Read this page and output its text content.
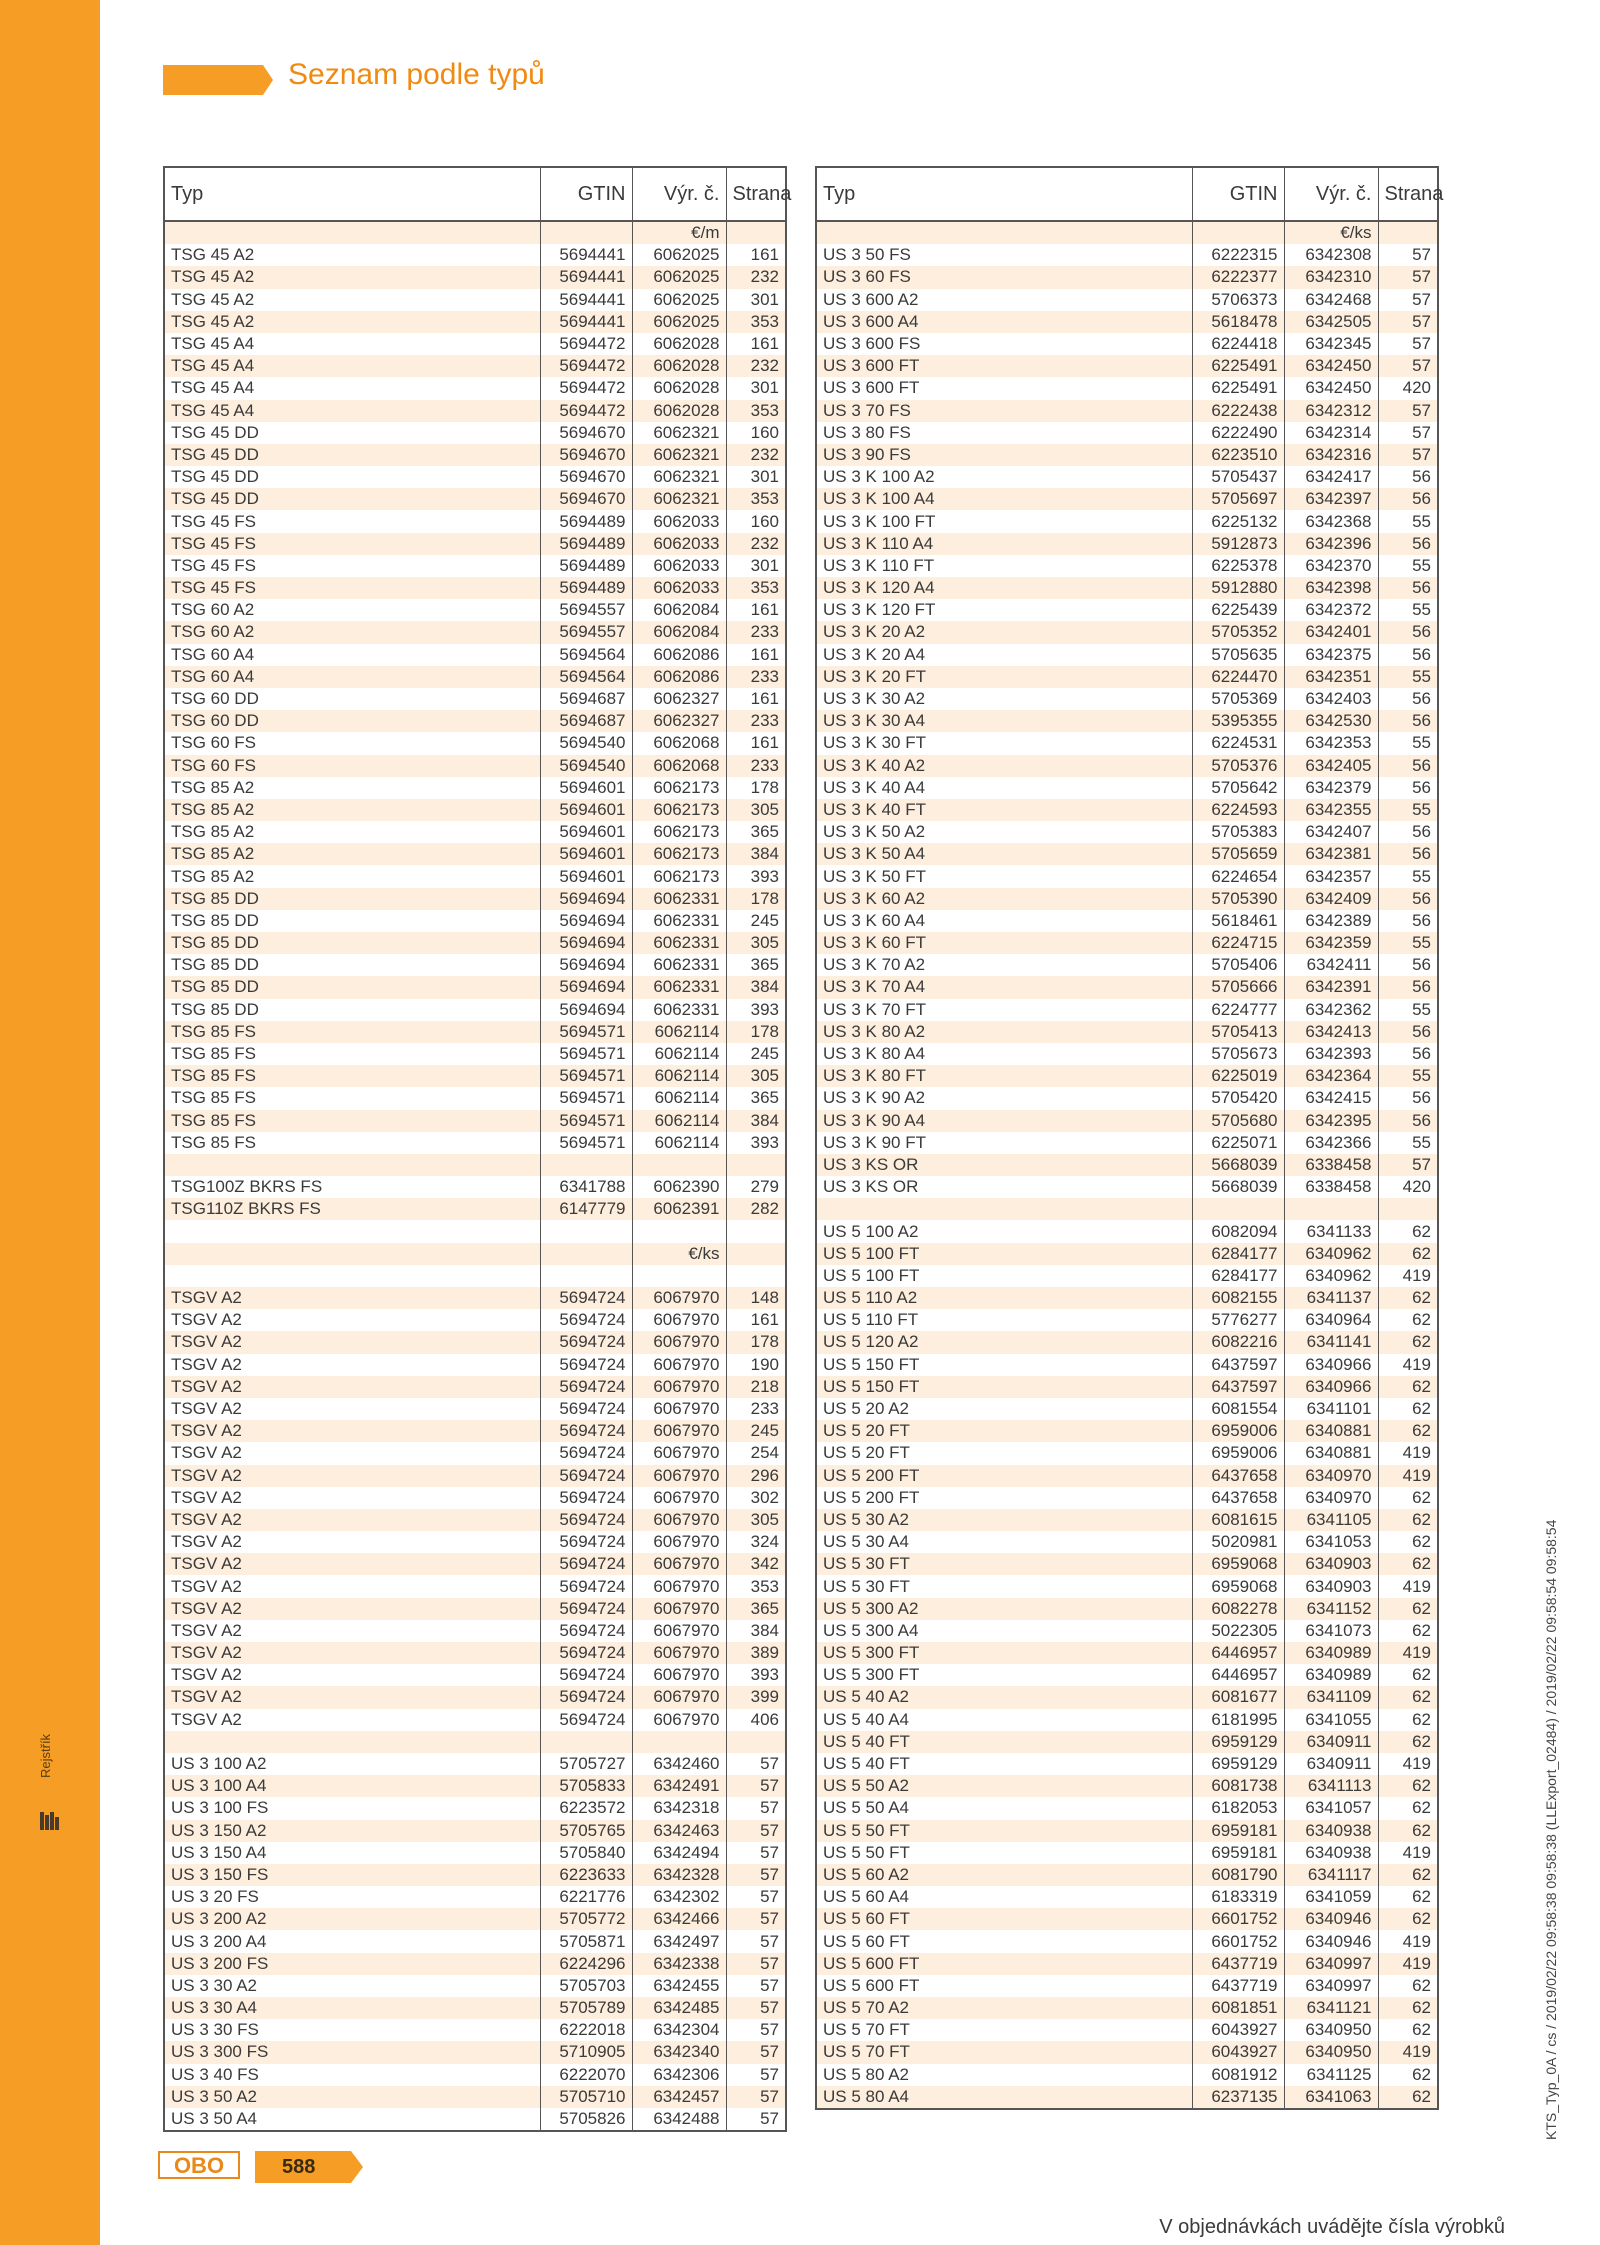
Rejstřík
Seznam podle typů
Typ	GTIN	Výr. č.	Strana
		€/m	
TSG 45 A2	5694441	6062025	161
TSG 45 A2	5694441	6062025	232
TSG 45 A2	5694441	6062025	301
TSG 45 A2	5694441	6062025	353
TSG 45 A4	5694472	6062028	161
TSG 45 A4	5694472	6062028	232
TSG 45 A4	5694472	6062028	301
TSG 45 A4	5694472	6062028	353
TSG 45 DD	5694670	6062321	160
TSG 45 DD	5694670	6062321	232
TSG 45 DD	5694670	6062321	301
TSG 45 DD	5694670	6062321	353
TSG 45 FS	5694489	6062033	160
TSG 45 FS	5694489	6062033	232
TSG 45 FS	5694489	6062033	301
TSG 45 FS	5694489	6062033	353
TSG 60 A2	5694557	6062084	161
TSG 60 A2	5694557	6062084	233
TSG 60 A4	5694564	6062086	161
TSG 60 A4	5694564	6062086	233
TSG 60 DD	5694687	6062327	161
TSG 60 DD	5694687	6062327	233
TSG 60 FS	5694540	6062068	161
TSG 60 FS	5694540	6062068	233
TSG 85 A2	5694601	6062173	178
TSG 85 A2	5694601	6062173	305
TSG 85 A2	5694601	6062173	365
TSG 85 A2	5694601	6062173	384
TSG 85 A2	5694601	6062173	393
TSG 85 DD	5694694	6062331	178
TSG 85 DD	5694694	6062331	245
TSG 85 DD	5694694	6062331	305
TSG 85 DD	5694694	6062331	365
TSG 85 DD	5694694	6062331	384
TSG 85 DD	5694694	6062331	393
TSG 85 FS	5694571	6062114	178
TSG 85 FS	5694571	6062114	245
TSG 85 FS	5694571	6062114	305
TSG 85 FS	5694571	6062114	365
TSG 85 FS	5694571	6062114	384
TSG 85 FS	5694571	6062114	393

TSG100Z BKRS FS	6341788	6062390	279
TSG110Z BKRS FS	6147779	6062391	282

		€/ks	

TSGV A2	5694724	6067970	148
TSGV A2	5694724	6067970	161
TSGV A2	5694724	6067970	178
TSGV A2	5694724	6067970	190
TSGV A2	5694724	6067970	218
TSGV A2	5694724	6067970	233
TSGV A2	5694724	6067970	245
TSGV A2	5694724	6067970	254
TSGV A2	5694724	6067970	296
TSGV A2	5694724	6067970	302
TSGV A2	5694724	6067970	305
TSGV A2	5694724	6067970	324
TSGV A2	5694724	6067970	342
TSGV A2	5694724	6067970	353
TSGV A2	5694724	6067970	365
TSGV A2	5694724	6067970	384
TSGV A2	5694724	6067970	389
TSGV A2	5694724	6067970	393
TSGV A2	5694724	6067970	399
TSGV A2	5694724	6067970	406

US 3 100 A2	5705727	6342460	57
US 3 100 A4	5705833	6342491	57
US 3 100 FS	6223572	6342318	57
US 3 150 A2	5705765	6342463	57
US 3 150 A4	5705840	6342494	57
US 3 150 FS	6223633	6342328	57
US 3 20 FS	6221776	6342302	57
US 3 200 A2	5705772	6342466	57
US 3 200 A4	5705871	6342497	57
US 3 200 FS	6224296	6342338	57
US 3 30 A2	5705703	6342455	57
US 3 30 A4	5705789	6342485	57
US 3 30 FS	6222018	6342304	57
US 3 300 FS	5710905	6342340	57
US 3 40 FS	6222070	6342306	57
US 3 50 A2	5705710	6342457	57
US 3 50 A4	5705826	6342488	57
Typ	GTIN	Výr. č.	Strana
		€/ks	
US 3 50 FS	6222315	6342308	57
US 3 60 FS	6222377	6342310	57
US 3 600 A2	5706373	6342468	57
US 3 600 A4	5618478	6342505	57
US 3 600 FS	6224418	6342345	57
US 3 600 FT	6225491	6342450	57
US 3 600 FT	6225491	6342450	420
US 3 70 FS	6222438	6342312	57
US 3 80 FS	6222490	6342314	57
US 3 90 FS	6223510	6342316	57
US 3 K 100 A2	5705437	6342417	56
US 3 K 100 A4	5705697	6342397	56
US 3 K 100 FT	6225132	6342368	55
US 3 K 110 A4	5912873	6342396	56
US 3 K 110 FT	6225378	6342370	55
US 3 K 120 A4	5912880	6342398	56
US 3 K 120 FT	6225439	6342372	55
US 3 K 20 A2	5705352	6342401	56
US 3 K 20 A4	5705635	6342375	56
US 3 K 20 FT	6224470	6342351	55
US 3 K 30 A2	5705369	6342403	56
US 3 K 30 A4	5395355	6342530	56
US 3 K 30 FT	6224531	6342353	55
US 3 K 40 A2	5705376	6342405	56
US 3 K 40 A4	5705642	6342379	56
US 3 K 40 FT	6224593	6342355	55
US 3 K 50 A2	5705383	6342407	56
US 3 K 50 A4	5705659	6342381	56
US 3 K 50 FT	6224654	6342357	55
US 3 K 60 A2	5705390	6342409	56
US 3 K 60 A4	5618461	6342389	56
US 3 K 60 FT	6224715	6342359	55
US 3 K 70 A2	5705406	6342411	56
US 3 K 70 A4	5705666	6342391	56
US 3 K 70 FT	6224777	6342362	55
US 3 K 80 A2	5705413	6342413	56
US 3 K 80 A4	5705673	6342393	56
US 3 K 80 FT	6225019	6342364	55
US 3 K 90 A2	5705420	6342415	56
US 3 K 90 A4	5705680	6342395	56
US 3 K 90 FT	6225071	6342366	55
US 3 KS OR	5668039	6338458	57
US 3 KS OR	5668039	6338458	420

US 5 100 A2	6082094	6341133	62
US 5 100 FT	6284177	6340962	62
US 5 100 FT	6284177	6340962	419
US 5 110 A2	6082155	6341137	62
US 5 110 FT	5776277	6340964	62
US 5 120 A2	6082216	6341141	62
US 5 150 FT	6437597	6340966	419
US 5 150 FT	6437597	6340966	62
US 5 20 A2	6081554	6341101	62
US 5 20 FT	6959006	6340881	62
US 5 20 FT	6959006	6340881	419
US 5 200 FT	6437658	6340970	419
US 5 200 FT	6437658	6340970	62
US 5 30 A2	6081615	6341105	62
US 5 30 A4	5020981	6341053	62
US 5 30 FT	6959068	6340903	62
US 5 30 FT	6959068	6340903	419
US 5 300 A2	6082278	6341152	62
US 5 300 A4	5022305	6341073	62
US 5 300 FT	6446957	6340989	419
US 5 300 FT	6446957	6340989	62
US 5 40 A2	6081677	6341109	62
US 5 40 A4	6181995	6341055	62
US 5 40 FT	6959129	6340911	62
US 5 40 FT	6959129	6340911	419
US 5 50 A2	6081738	6341113	62
US 5 50 A4	6182053	6341057	62
US 5 50 FT	6959181	6340938	62
US 5 50 FT	6959181	6340938	419
US 5 60 A2	6081790	6341117	62
US 5 60 A4	6183319	6341059	62
US 5 60 FT	6601752	6340946	62
US 5 60 FT	6601752	6340946	419
US 5 600 FT	6437719	6340997	419
US 5 600 FT	6437719	6340997	62
US 5 70 A2	6081851	6341121	62
US 5 70 FT	6043927	6340950	62
US 5 70 FT	6043927	6340950	419
US 5 80 A2	6081912	6341125	62
US 5 80 A4	6237135	6341063	62
OBO	588
V objednávkách uvádějte čísla výrobků
KTS_Typ_0A / cs / 2019/02/22 09:58:38 09:58:38 (LLExport_02484) / 2019/02/22 09:58:54 09:58:54
